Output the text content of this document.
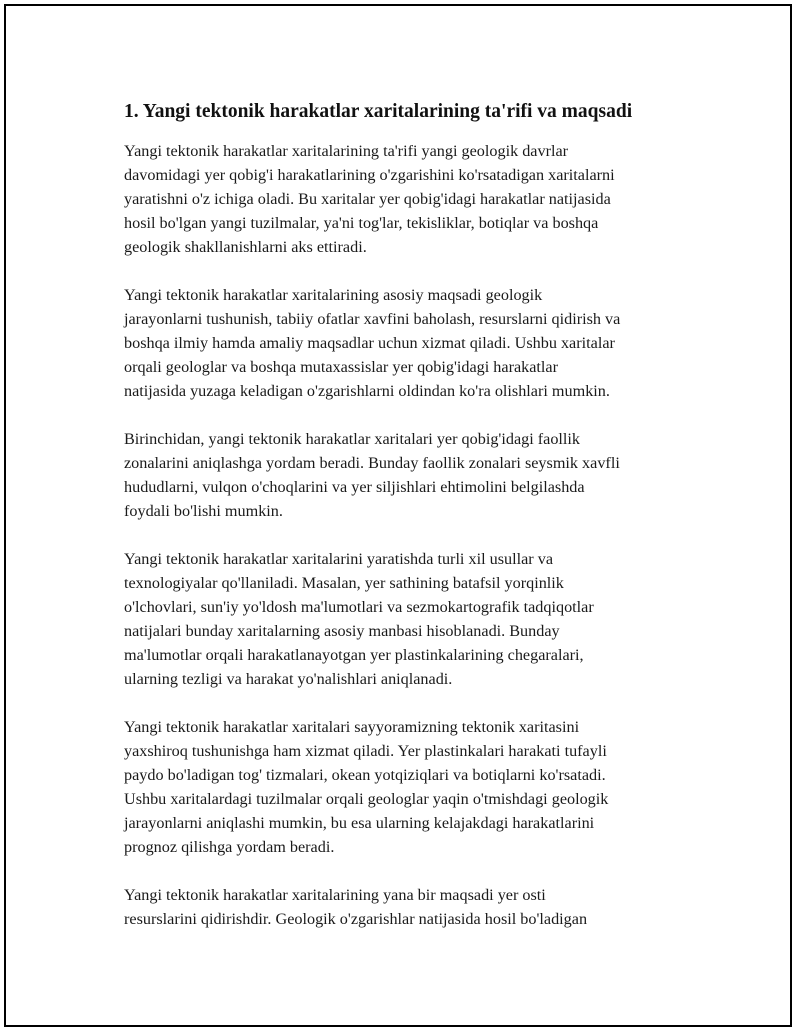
1. Yangi tektonik harakatlar xaritalarining ta'rifi va maqsadi

Yangi tektonik harakatlar xaritalarining ta'rifi yangi geologik davrlar
davomidagi yer qobig'i harakatlarining o'zgarishini ko'rsatadigan xaritalarni
yaratishni o'z ichiga oladi. Bu xaritalar yer qobig'idagi harakatlar natijasida
hosil bo'lgan yangi tuzilmalar, ya'ni tog'lar, tekisliklar, botiqlar va boshqa
geologik shakllanishlarni aks ettiradi.

Yangi tektonik harakatlar xaritalarining asosiy maqsadi geologik
jarayonlarni tushunish, tabiiy ofatlar xavfini baholash, resurslarni qidirish va
boshqa ilmiy hamda amaliy maqsadlar uchun xizmat qiladi. Ushbu xaritalar
orqali geologlar va boshqa mutaxassislar yer qobig'idagi harakatlar
natijasida yuzaga keladigan o'zgarishlarni oldindan ko'ra olishlari mumkin.

Birinchidan, yangi tektonik harakatlar xaritalari yer qobig'idagi faollik
zonalarini aniqlashga yordam beradi. Bunday faollik zonalari seysmik xavfli
hududlarni, vulqon o'choqlarini va yer siljishlari ehtimolini belgilashda
foydali bo'lishi mumkin.

Yangi tektonik harakatlar xaritalarini yaratishda turli xil usullar va
texnologiyalar qo'llaniladi. Masalan, yer sathining batafsil yorqinlik
o'lchovlari, sun'iy yo'ldosh ma'lumotlari va sezmokartografik tadqiqotlar
natijalari bunday xaritalarning asosiy manbasi hisoblanadi. Bunday
ma'lumotlar orqali harakatlanayotgan yer plastinkalarining chegaralari,
ularning tezligi va harakat yo'nalishlari aniqlanadi.

Yangi tektonik harakatlar xaritalari sayyoramizning tektonik xaritasini
yaxshiroq tushunishga ham xizmat qiladi. Yer plastinkalari harakati tufayli
paydo bo'ladigan tog' tizmalari, okean yotqiziqlari va botiqlarni ko'rsatadi.
Ushbu xaritalardagi tuzilmalar orqali geologlar yaqin o'tmishdagi geologik
jarayonlarni aniqlashi mumkin, bu esa ularning kelajakdagi harakatlarini
prognoz qilishga yordam beradi.

Yangi tektonik harakatlar xaritalarining yana bir maqsadi yer osti
resurslarini qidirishdir. Geologik o'zgarishlar natijasida hosil bo'ladigan
